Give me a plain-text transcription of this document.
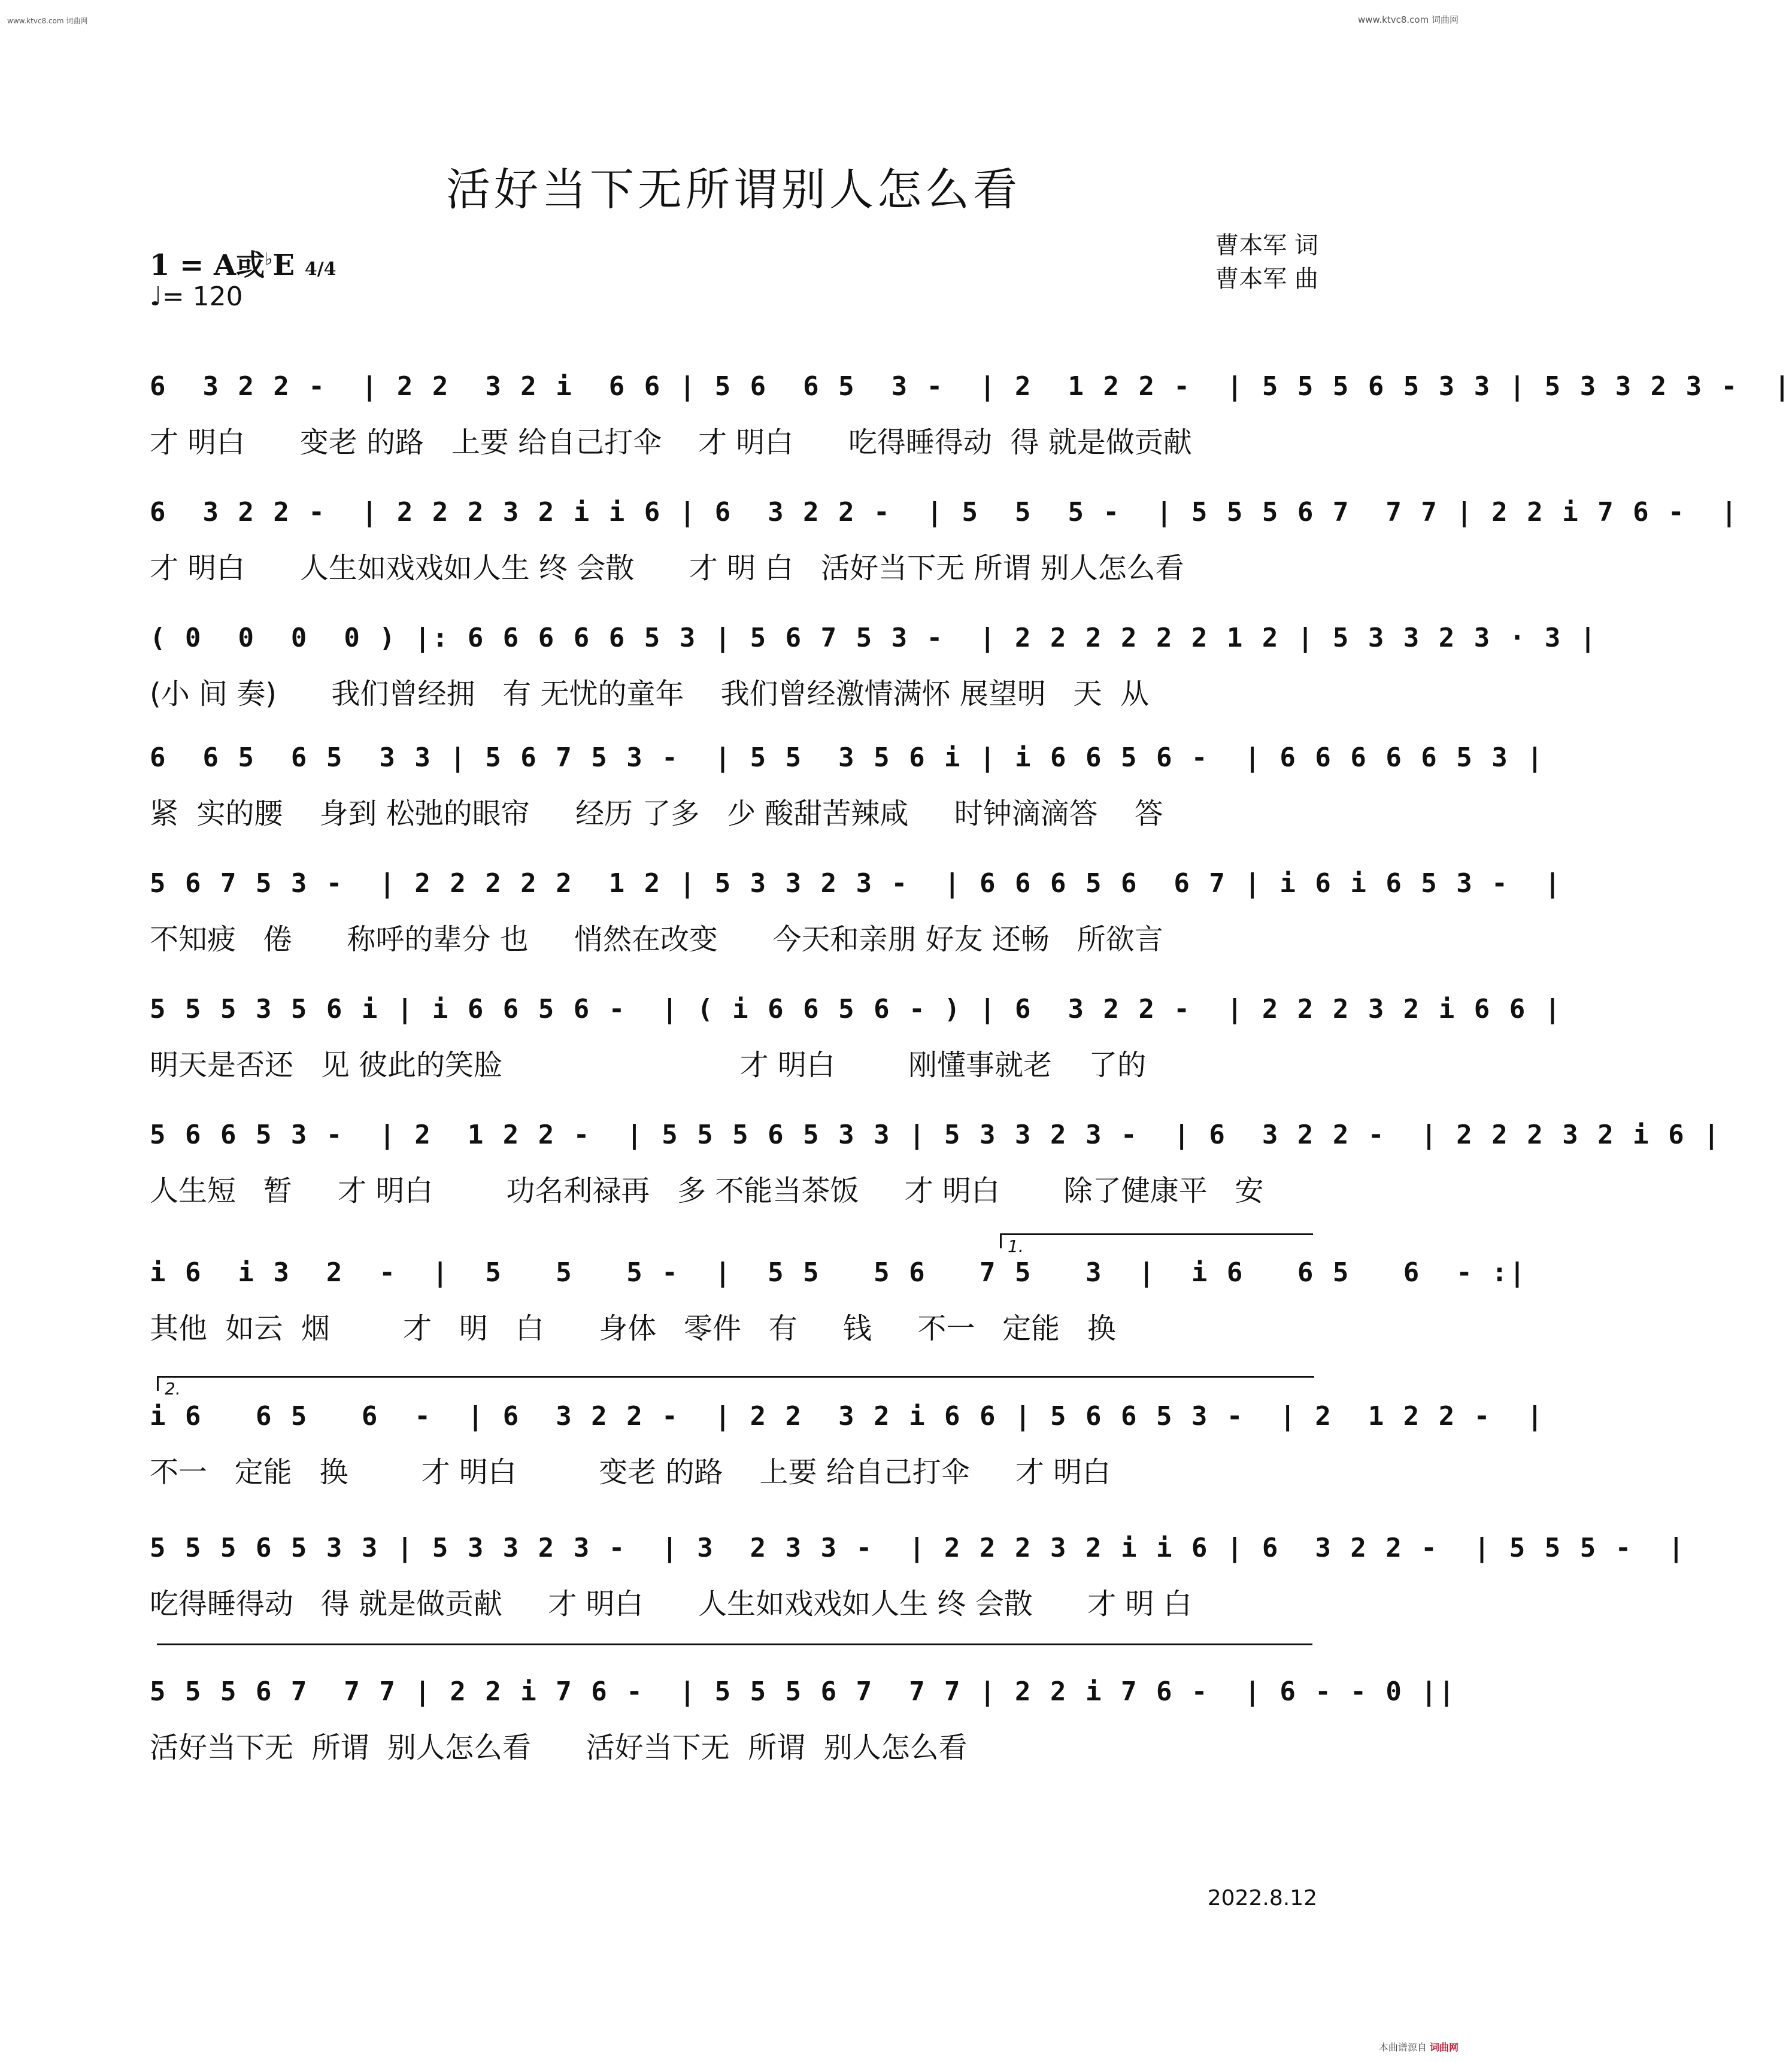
www.ktvc8.com 词曲网	www.ktvc8.com 词曲网
活好当下无所谓别人怎么看
1 = A或♭E 4/4
♩= 120
曹本军 词
曹本军 曲
6  3 2 2 -  | 2 2  3 2 i  6 6 | 5 6  6 5  3 -  | 2  1 2 2 -  | 5 5 5 6 5 3 3 | 5 3 3 2 3 -  |
才 明白      变老 的路   上要 给自己打伞    才 明白      吃得睡得动  得 就是做贡献
6  3 2 2 -  | 2 2 2 3 2 i i 6 | 6  3 2 2 -  | 5  5  5 -  | 5 5 5 6 7  7 7 | 2 2 i 7 6 -  |
才 明白      人生如戏戏如人生 终 会散      才 明 白   活好当下无 所谓 别人怎么看
( 0  0  0  0 ) |: 6 6 6 6 6 5 3 | 5 6 7 5 3 -  | 2 2 2 2 2 2 1 2 | 5 3 3 2 3 · 3 |
(小 间 奏)      我们曾经拥   有 无忧的童年    我们曾经激情满怀 展望明   天  从
6  6 5  6 5  3 3 | 5 6 7 5 3 -  | 5 5  3 5 6 i | i 6 6 5 6 -  | 6 6 6 6 6 5 3 |
紧  实的腰    身到 松弛的眼帘     经历 了多   少 酸甜苦辣咸     时钟滴滴答    答
5 6 7 5 3 -  | 2 2 2 2 2  1 2 | 5 3 3 2 3 -  | 6 6 6 5 6  6 7 | i 6 i 6 5 3 -  |
不知疲   倦      称呼的辈分 也     悄然在改变      今天和亲朋 好友 还畅   所欲言
5 5 5 3 5 6 i | i 6 6 5 6 -  | ( i 6 6 5 6 - ) | 6  3 2 2 -  | 2 2 2 3 2 i 6 6 |
明天是否还   见 彼此的笑脸                          才 明白        刚懂事就老    了的
5 6 6 5 3 -  | 2  1 2 2 -  | 5 5 5 6 5 3 3 | 5 3 3 2 3 -  | 6  3 2 2 -  | 2 2 2 3 2 i 6 |
人生短   暂     才 明白        功名利禄再   多 不能当茶饭     才 明白       除了健康平   安
1.
i 6  i 3  2  -  |  5   5   5 -  |  5 5   5 6   7 5   3  |  i 6   6 5   6  - :|
其他  如云  烟        才   明   白      身体   零件   有     钱     不一   定能   换
2.
i 6   6 5   6  -  | 6  3 2 2 -  | 2 2  3 2 i 6 6 | 5 6 6 5 3 -  | 2  1 2 2 -  |
不一   定能   换        才 明白         变老 的路    上要 给自己打伞     才 明白
5 5 5 6 5 3 3 | 5 3 3 2 3 -  | 3  2 3 3 -  | 2 2 2 3 2 i i 6 | 6  3 2 2 -  | 5 5 5 -  |
吃得睡得动   得 就是做贡献     才 明白      人生如戏戏如人生 终 会散      才 明 白
5 5 5 6 7  7 7 | 2 2 i 7 6 -  | 5 5 5 6 7  7 7 | 2 2 i 7 6 -  | 6 - - 0 ||
活好当下无  所谓  别人怎么看      活好当下无  所谓  别人怎么看
2022.8.12
本曲谱源自 词曲网
